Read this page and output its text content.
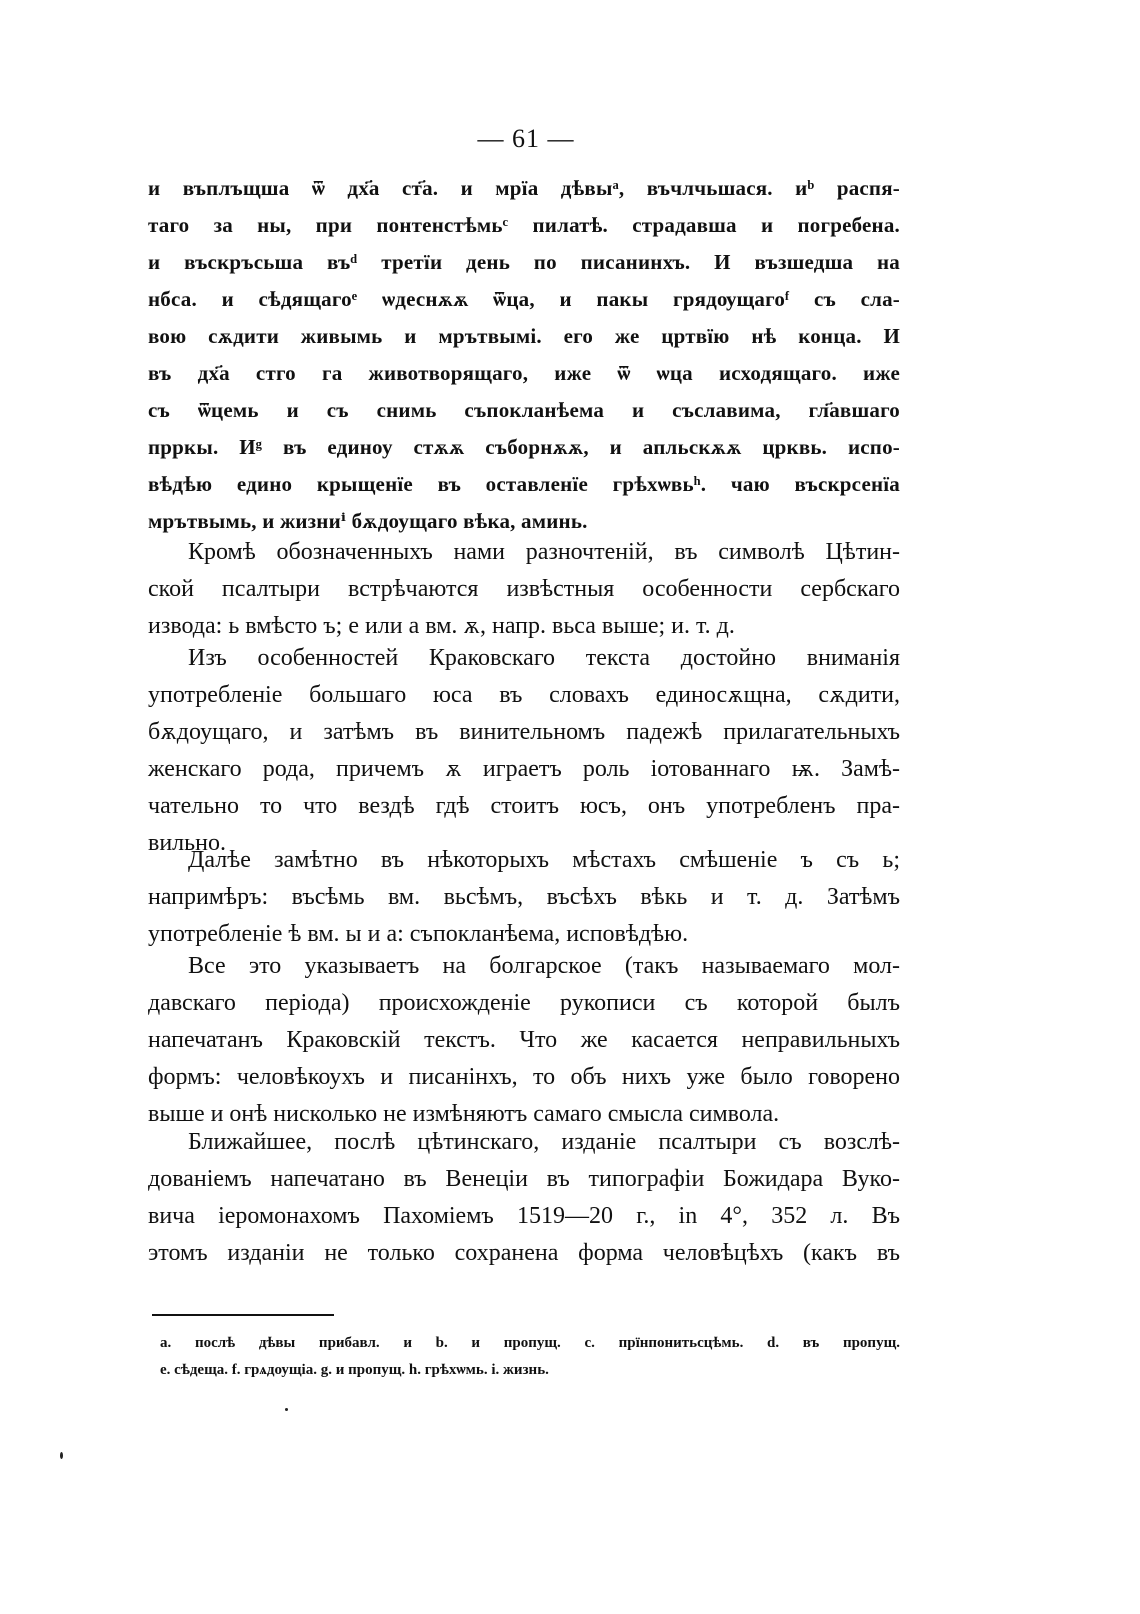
— 61 —
и въплъщша ѿ дх҃а ст҃а. и мрїа дѣвыᵃ, въчлчьшася. иᵇ распя-
таго за ны, при понтенстѣмьᶜ пилатѣ. страдавша и погребена.
и въскръсьша въᵈ третїи день по писанинхъ. И възшедша на
нбса. и сѣдящагоᵉ ѡдеснѫѫ ѿца, и пакы грядѹщагоᶠ съ сла-
вою сѫдити живымь и мрътвымі. его же цртвїю нѣ конца. И
въ дх҃а стго га животворящаго, иже ѿ ѡца исходящаго. иже
съ ѿцемь и съ снимь съпокланѣема и съславима, гл҃авшаго
прркы. Иᵍ въ единоу стѫѫ съборнѫѫ, и апльскѫѫ црквь. испо-
вѣдѣю едино крыщенїе въ оставленїе грѣхѡвьʰ. чаю въскрсенїа
мрътвымь, и жизниⁱ бѫдоущаго вѣка, аминь.
Кромѣ обозначенныхъ нами разночтенiй, въ символѣ Цѣтин-
ской псалтыри встрѣчаются извѣстныя особенности сербскаго
извода: ь вмѣсто ъ; е или а вм. ѫ, напр. вьса выше; и. т. д.
Изъ особенностей Краковскаго текста достойно вниманія
употребленіе большаго юса въ словахъ единосѫщна, сѫдити,
бѫдоущаго, и затѣмъ въ винительномъ падежѣ прилагательныхъ
женскаго рода, причемъ ѫ играетъ роль іотованнаго ѭ. Замѣ-
чательно то что вездѣ гдѣ стоитъ юсъ, онъ употребленъ пра-
вильно.
Далѣе замѣтно въ нѣкоторыхъ мѣстахъ смѣшеніе ъ съ ь;
напримѣръ: въсѣмь вм. вьсѣмъ, въсѣхъ вѣкь и т. д. Затѣмъ
употребленіе ѣ вм. ы и а: съпокланѣема, исповѣдѣю.
Все это указываетъ на болгарское (такъ называемаго мол-
давскаго періода) происхожденіе рукописи съ которой былъ
напечатанъ Краковскій текстъ. Что же касается неправильныхъ
формъ: человѣкоухъ и писанінхъ, то объ нихъ уже было говорено
выше и онѣ нисколько не измѣняютъ самаго смысла символа.
Ближайшее, послѣ цѣтинскаго, изданіе псалтыри съ возслѣ-
дованіемъ напечатано въ Венеціи въ типографіи Божидара Вуко-
вича іеромонахомъ Пахоміемъ 1519—20 г., in 4°, 352 л. Въ
этомъ изданіи не только сохранена форма человѣцѣхъ (какъ въ
a. послѣ дѣвы прибавл. и b. и пропущ. c. прїнпонитьсцѣмь. d. въ пропущ.
e. сѣдеща. f. грѧдоущіа. g. и пропущ. h. грѣхѡмь. i. жизнь.
